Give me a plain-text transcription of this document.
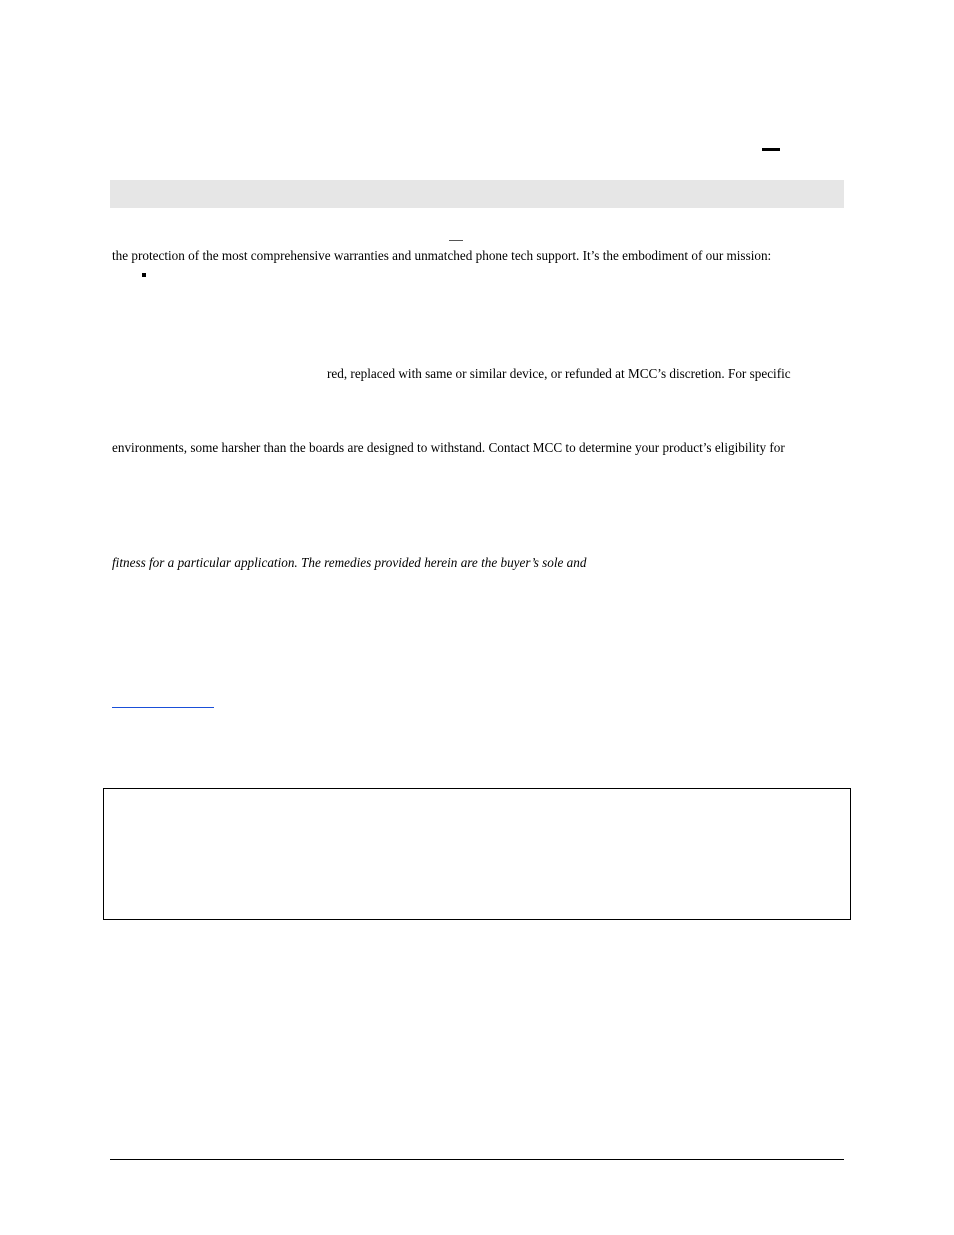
the protection of the most comprehensive warranties and unmatched phone tech support. It’s the embodiment of our mission:
red, replaced with same or similar device, or refunded at MCC’s discretion. For specific
environments, some harsher than the boards are designed to withstand. Contact MCC to determine your product’s eligibility for
fitness for a particular application. The remedies provided herein are the buyer’s sole and
